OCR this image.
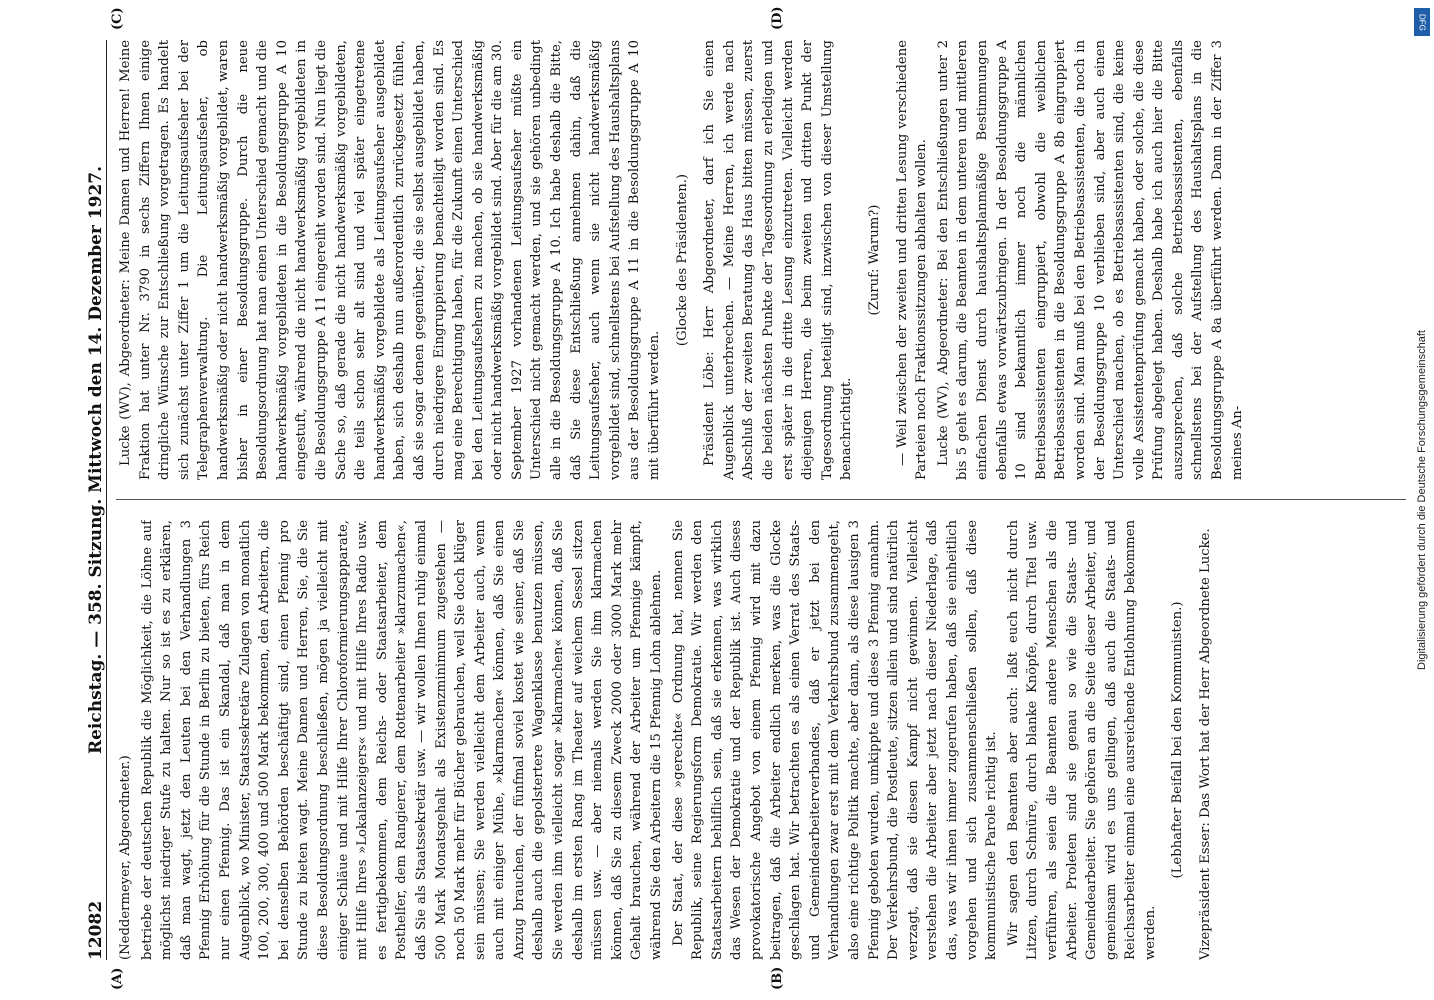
12082
Reichstag. — 358. Sitzung. Mittwoch den 14. Dezember 1927.

(Neddermeyer, Abgeordneter.) betriebe der deutschen Republik die Möglichkeit, die Löhne auf möglichst niedriger Stufe zu halten. Nur so ist es zu erklären, daß man wagt, jetzt den Leuten bei den Verhandlungen 3 Pfennig Erhöhung für die Stunde in Berlin zu bieten, fürs Reich nur einen Pfennig. Das ist ein Skandal, daß man in dem Augenblick, wo Minister, Staatssekretäre Zulagen von monatlich 100, 200, 300, 400 und 500 Mark bekommen, den Arbeitern, die bei denselben Behörden beschäftigt sind, einen Pfennig pro Stunde zu bieten wagt. Meine Damen und Herren, Sie, die Sie diese Besoldungsordnung beschließen, mögen ja vielleicht mit einiger Schläue und mit Hilfe Ihrer Chloroformierungsapparate, mit Hilfe Ihres »Lokalanzeigers« und mit Hilfe Ihres Radio usw. es fertigbekommen, dem Reichs- oder Staatsarbeiter, dem Posthelfer, dem Rangierer, dem Rottenarbeiter »klarzumachen«, daß Sie als Staatssekretär usw. — wir wollen Ihnen ruhig einmal 500 Mark Monatsgehalt als Existenzminimum zugestehen — noch 50 Mark mehr für Bücher gebrauchen, weil Sie doch klüger sein müssen; Sie werden vielleicht dem Arbeiter auch, wenn auch mit einiger Mühe, »klarmachen« können, daß Sie einen Anzug brauchen, der fünfmal soviel kostet wie seiner, daß Sie deshalb auch die gepolstertere Wagenklasse benutzen müssen, Sie werden ihm vielleicht sogar »klarmachen« können, daß Sie deshalb im ersten Rang im Theater auf weichem Sessel sitzen müssen usw. — aber niemals werden Sie ihm klarmachen können, daß Sie zu diesem Zweck 2000 oder 3000 Mark mehr Gehalt brauchen, während der Arbeiter um Pfennige kämpft, während Sie den Arbeitern die 15 Pfennig Lohn ablehnen. Der Staat, der diese »gerechte« Ordnung hat, nennen Sie Republik, seine Regierungsform Demokratie. Wir werden den Staatsarbeitern behilflich sein, daß sie erkennen, was wirklich das Wesen der Demokratie und der Republik ist. Auch dieses provokatorische Angebot von einem Pfennig wird mit dazu beitragen, daß die Arbeiter endlich merken, was die Glocke geschlagen hat. Wir betrachten es als einen Verrat des Staats- und Gemeindearbeiterverbandes, daß er jetzt bei den Verhandlungen zwar erst mit dem Verkehrsbund zusammengeht, also eine richtige Politik machte, aber dann, als diese lausigen 3 Pfennig geboten wurden, umkippte und diese 3 Pfennig annahm. Der Verkehrsbund, die Postleute, sitzen allein und sind natürlich verzagt, daß sie diesen Kampf nicht gewinnen. Vielleicht verstehen die Arbeiter aber jetzt nach dieser Niederlage, daß das, was wir ihnen immer zugerufen haben, daß sie einheitlich vorgehen und sich zusammenschließen sollen, daß diese kommunistische Parole richtig ist. Wir sagen den Beamten aber auch: laßt euch nicht durch Litzen, durch Schnüre, durch blanke Knöpfe, durch Titel usw. verführen, als seien die Beamten andere Menschen als die Arbeiter. Proleten sind sie genau so wie die Staats- und Gemeindearbeiter. Sie gehören an die Seite dieser Arbeiter, und gemeinsam wird es uns gelingen, daß auch die Staats- und Reichsarbeiter einmal eine ausreichende Entlohnung bekommen werden.

(Lebhafter Beifall bei den Kommunisten.) Vizepräsident Esser: Das Wort hat der Herr Abgeordnete Lucke.

Lucke (WV), Abgeordneter: Meine Damen und Herren! Meine Fraktion hat unter Nr. 3790 in sechs Ziffern Ihnen einige dringliche Wünsche zur Entschließung vorgetragen. Es handelt sich zunächst unter Ziffer 1 um die Leitungsaufseher bei der Telegraphenverwaltung. Die Leitungsaufseher, ob handwerksmäßig oder nicht handwerksmäßig vorgebildet, waren bisher in einer Besoldungsgruppe. Durch die neue Besoldungsordnung hat man einen Unterschied gemacht und die handwerksmäßig vorgebildeten in die Besoldungsgruppe A 10 eingestuft, während die nicht handwerksmäßig vorgebildeten in die Besoldungsgruppe A 11 eingereiht worden sind. Nun liegt die Sache so, daß gerade die nicht handwerksmäßig vorgebildeten, die teils schon sehr alt sind und viel später eingetretene handwerksmäßig vorgebildete als Leitungsaufseher ausgebildet haben, sich deshalb nun außerordentlich zurückgesetzt fühlen, daß sie sogar denen gegenüber, die sie selbst ausgebildet haben, durch niedrigere Eingruppierung benachteiligt worden sind. Es mag eine Berechtigung haben, für die Zukunft einen Unterschied bei den Leitungsaufsehern zu machen, ob sie handwerksmäßig oder nicht handwerksmäßig vorgebildet sind. Aber für die am 30. September 1927 vorhandenen Leitungsaufseher müßte ein Unterschied nicht gemacht werden, und sie gehören unbedingt alle in die Besoldungsgruppe A 10. Ich habe deshalb die Bitte, daß Sie diese Entschließung annehmen dahin, daß die Leitungsaufseher, auch wenn sie nicht handwerksmäßig vorgebildet sind, schnellstens bei Aufstellung des Haushaltsplans aus der Besoldungsgruppe A 11 in die Besoldungsgruppe A 10 mit überführt werden.

(Glocke des Präsidenten.) Präsident Löbe: Herr Abgeordneter, darf ich Sie einen Augenblick unterbrechen. — Meine Herren, ich werde nach Abschluß der zweiten Beratung das Haus bitten müssen, zuerst die beiden nächsten Punkte der Tagesordnung zu erledigen und erst später in die dritte Lesung einzutreten. Vielleicht werden diejenigen Herren, die beim zweiten und dritten Punkt der Tagesordnung beteiligt sind, inzwischen von dieser Umstellung benachrichtigt.

(Zuruf: Warum?) — Weil zwischen der zweiten und dritten Lesung verschiedene Parteien noch Fraktionssitzungen abhalten wollen. Lucke (WV), Abgeordneter: Bei den Entschließungen unter 2 bis 5 geht es darum, die Beamten in dem unteren und mittleren einfachen Dienst durch haushaltsplanmäßige Bestimmungen ebenfalls etwas vorwärtszubringen. In der Besoldungsgruppe A 10 sind bekanntlich immer noch die männlichen Betriebsassistenten eingruppiert, obwohl die weiblichen Betriebsassistenten in die Besoldungsgruppe A 8b eingruppiert worden sind. Man muß bei den Betriebsassistenten, die noch in der Besoldungsgruppe 10 verblieben sind, aber auch einen Unterschied machen, ob es Betriebsassistenten sind, die keine volle Assistentenprüfung gemacht haben, oder solche, die diese Prüfung abgelegt haben. Deshalb habe ich auch hier die Bitte auszusprechen, daß solche Betriebsassistenten, ebenfalls schnellstens bei der Aufstellung des Haushaltsplans in die Besoldungsgruppe A 8a überführt werden. Dann in der Ziffer 3 meines An-

(A)	(B)
(C)	(D)
Digitalisierung gefördert durch die Deutsche Forschungsgemeinschaft
DFG
